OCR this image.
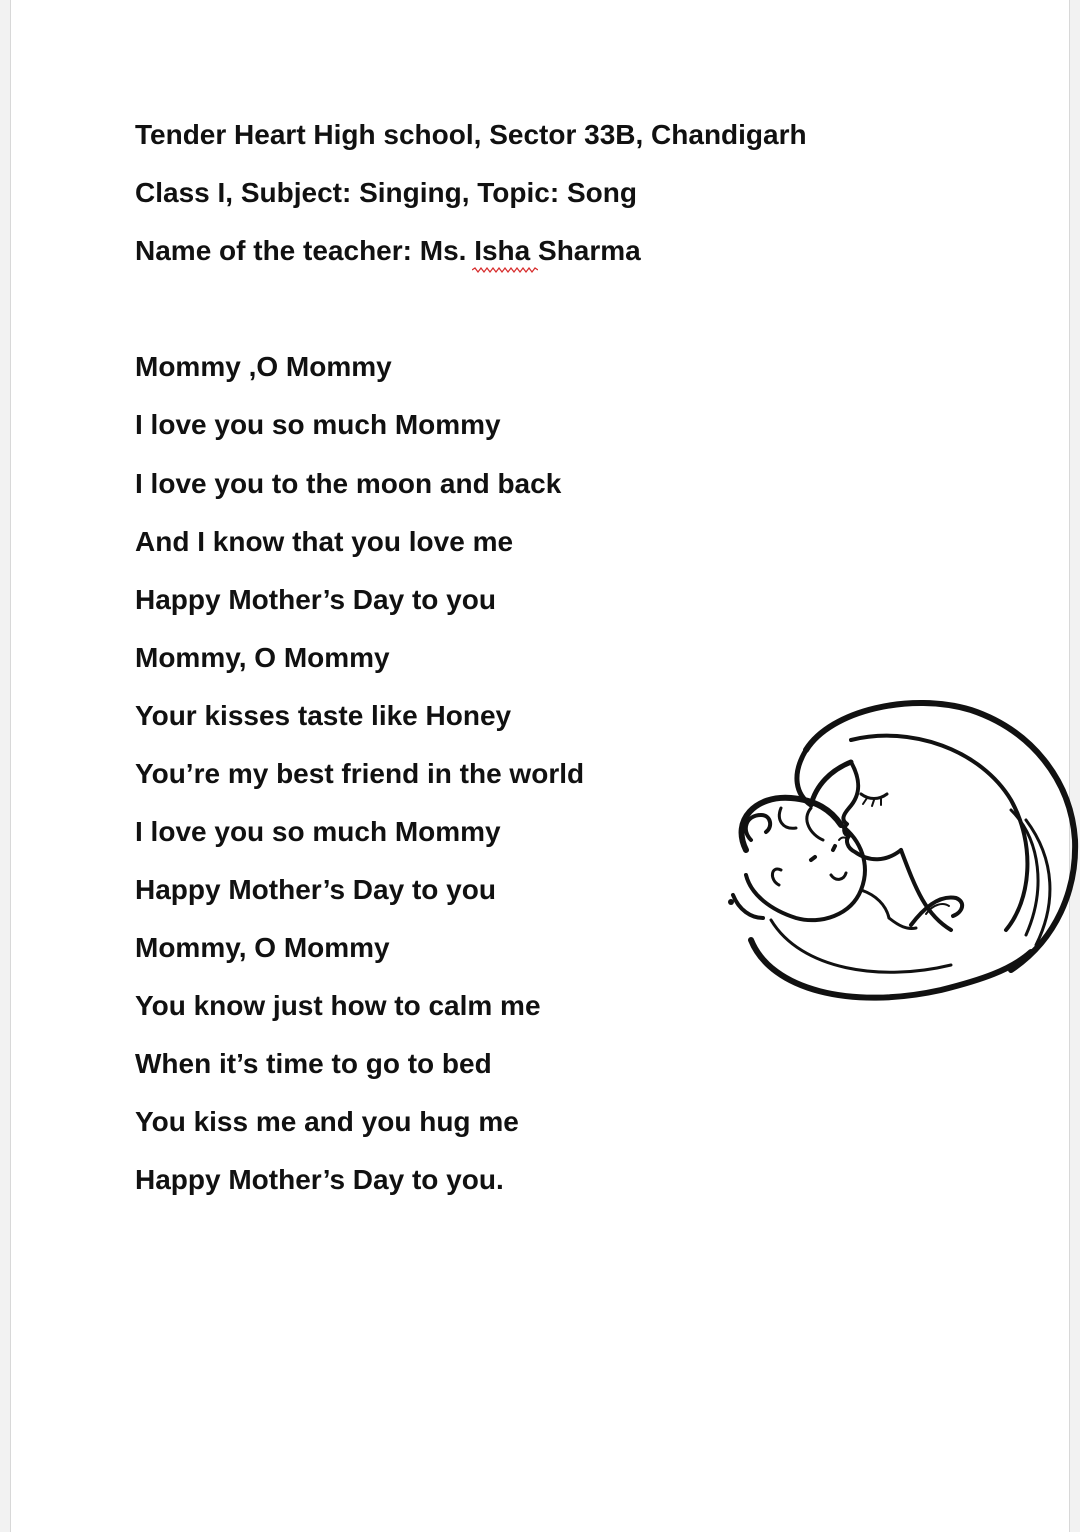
Tender Heart High school, Sector 33B, Chandigarh

Class I, Subject: Singing, Topic: Song

Name of the teacher: Ms. Isha Sharma

Mommy ,O Mommy

I love you so much Mommy

I love you to the moon and back

And I know that you love me

Happy Mother’s Day to you

Mommy, O Mommy

Your kisses taste like Honey

You’re my best friend in the world

I love you so much Mommy

Happy Mother’s Day to you

Mommy, O Mommy

You know just how to calm me

When it’s time to go to bed

You kiss me and you hug me

Happy Mother’s Day to you.
